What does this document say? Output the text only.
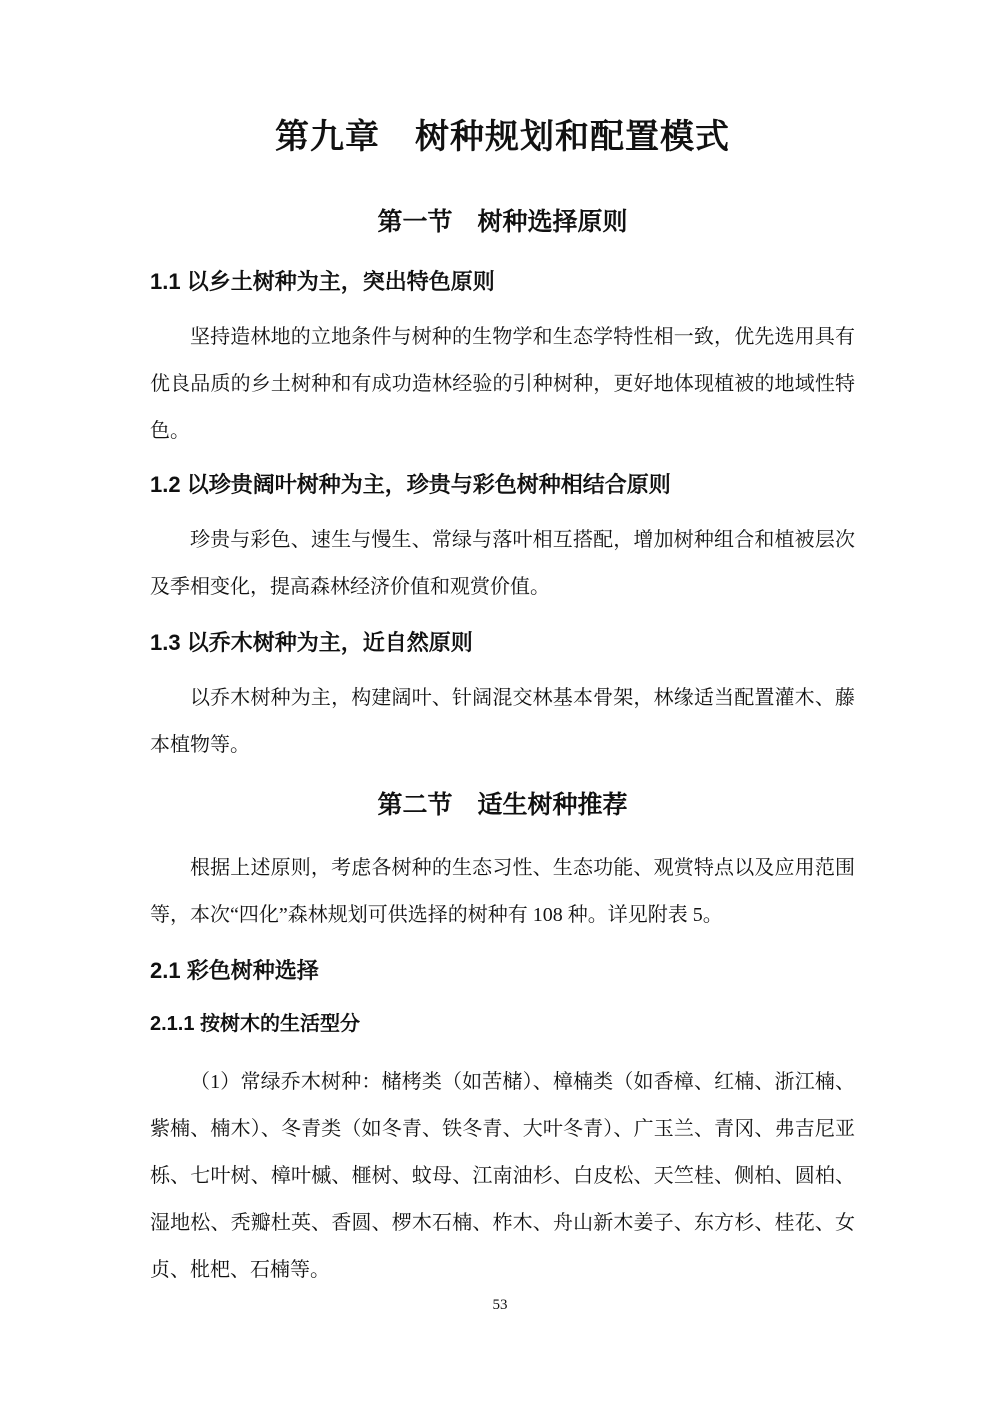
第九章　树种规划和配置模式
第一节　树种选择原则
1.1 以乡土树种为主，突出特色原则

坚持造林地的立地条件与树种的生物学和生态学特性相一致，优先选用具有优良品质的乡土树种和有成功造林经验的引种树种，更好地体现植被的地域性特色。

1.2 以珍贵阔叶树种为主，珍贵与彩色树种相结合原则

珍贵与彩色、速生与慢生、常绿与落叶相互搭配，增加树种组合和植被层次及季相变化，提高森林经济价值和观赏价值。

1.3 以乔木树种为主，近自然原则

以乔木树种为主，构建阔叶、针阔混交林基本骨架，林缘适当配置灌木、藤本植物等。

第二节　适生树种推荐

根据上述原则，考虑各树种的生态习性、生态功能、观赏特点以及应用范围等，本次“四化”森林规划可供选择的树种有 108 种。详见附表 5。

2.1 彩色树种选择
2.1.1 按树木的生活型分

（1）常绿乔木树种：槠栲类（如苦槠）、樟楠类（如香樟、红楠、浙江楠、紫楠、楠木）、冬青类（如冬青、铁冬青、大叶冬青）、广玉兰、青冈、弗吉尼亚栎、七叶树、樟叶槭、榧树、蚊母、江南油杉、白皮松、天竺桂、侧柏、圆柏、湿地松、秃瓣杜英、香圆、椤木石楠、柞木、舟山新木姜子、东方杉、桂花、女贞、枇杷、石楠等。

53
